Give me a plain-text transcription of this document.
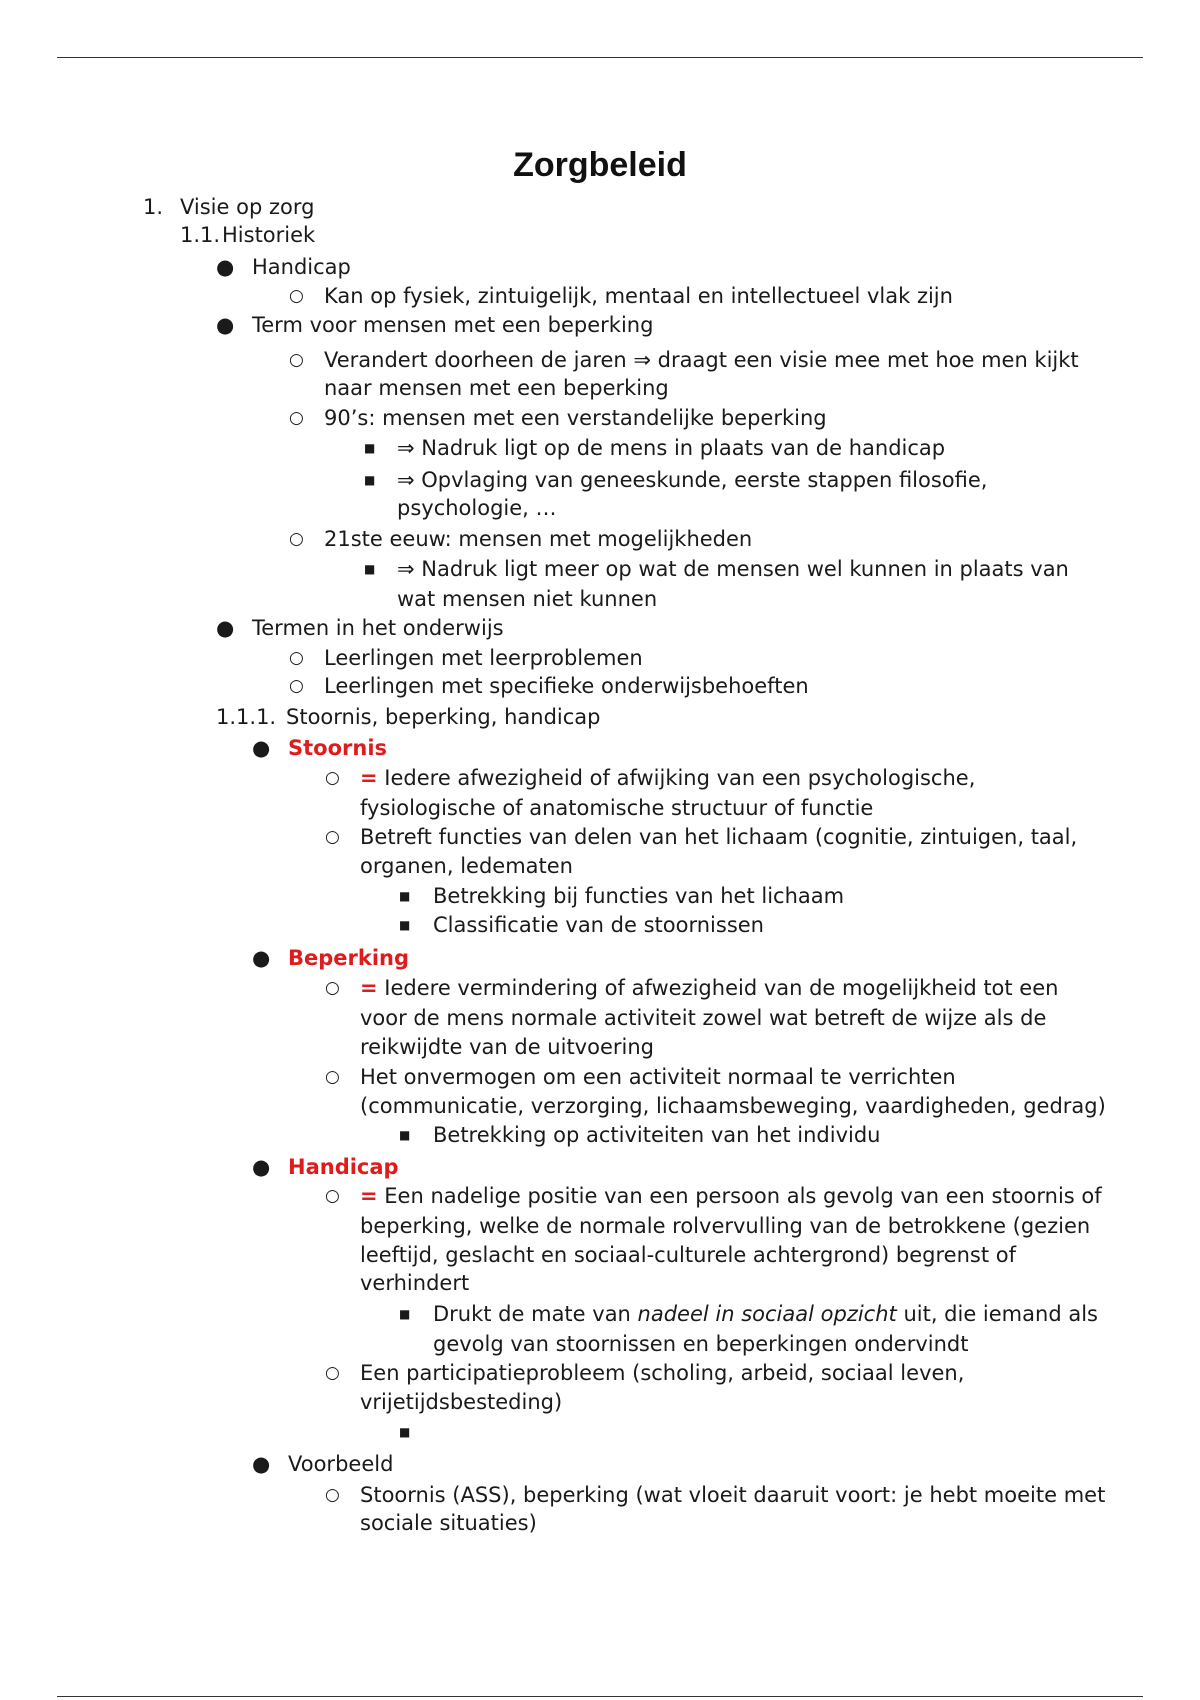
Zorgbeleid
1. Visie op zorg
1.1. Historiek
● Handicap
○ Kan op fysiek, zintuigelijk, mentaal en intellectueel vlak zijn
● Term voor mensen met een beperking
○ Verandert doorheen de jaren ⇒ draagt een visie mee met hoe men kijkt
naar mensen met een beperking
○ 90’s: mensen met een verstandelijke beperking
■ ⇒ Nadruk ligt op de mens in plaats van de handicap
■ ⇒ Opvlaging van geneeskunde, eerste stappen filosofie,
psychologie, …
○ 21ste eeuw: mensen met mogelijkheden
■ ⇒ Nadruk ligt meer op wat de mensen wel kunnen in plaats van
wat mensen niet kunnen
● Termen in het onderwijs
○ Leerlingen met leerproblemen
○ Leerlingen met specifieke onderwijsbehoeften
1.1.1. Stoornis, beperking, handicap
● Stoornis
○ = Iedere afwezigheid of afwijking van een psychologische,
fysiologische of anatomische structuur of functie
○ Betreft functies van delen van het lichaam (cognitie, zintuigen, taal,
organen, ledematen
■ Betrekking bij functies van het lichaam
■ Classificatie van de stoornissen
● Beperking
○ = Iedere vermindering of afwezigheid van de mogelijkheid tot een
voor de mens normale activiteit zowel wat betreft de wijze als de
reikwijdte van de uitvoering
○ Het onvermogen om een activiteit normaal te verrichten
(communicatie, verzorging, lichaamsbeweging, vaardigheden, gedrag)
■ Betrekking op activiteiten van het individu
● Handicap
○ = Een nadelige positie van een persoon als gevolg van een stoornis of
beperking, welke de normale rolvervulling van de betrokkene (gezien
leeftijd, geslacht en sociaal-culturele achtergrond) begrenst of
verhindert
■ Drukt de mate van nadeel in sociaal opzicht uit, die iemand als
gevolg van stoornissen en beperkingen ondervindt
○ Een participatieprobleem (scholing, arbeid, sociaal leven,
vrijetijdsbesteding)
■
● Voorbeeld
○ Stoornis (ASS), beperking (wat vloeit daaruit voort: je hebt moeite met
sociale situaties)
